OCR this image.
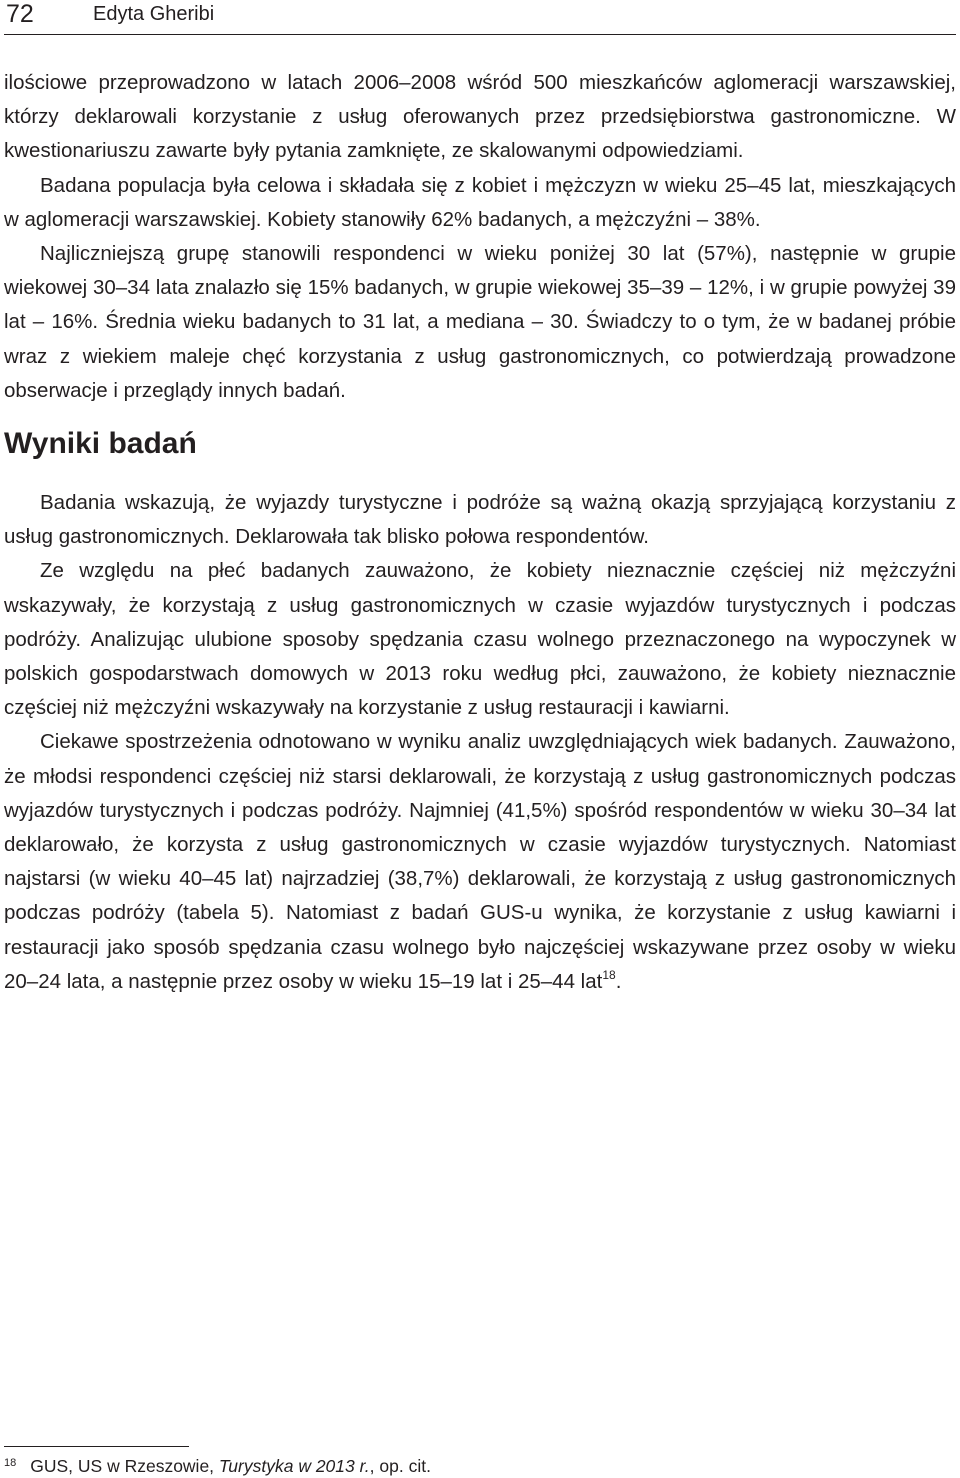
72	Edyta Gheribi

ilościowe przeprowadzono w latach 2006–2008 wśród 500 mieszkańców aglomeracji warszawskiej, którzy deklarowali korzystanie z usług oferowanych przez przedsiębiorstwa gastronomiczne. W kwestionariuszu zawarte były pytania zamknięte, ze skalowanymi odpowiedziami.

Badana populacja była celowa i składała się z kobiet i mężczyzn w wieku 25–45 lat, mieszkających w aglomeracji warszawskiej. Kobiety stanowiły 62% badanych, a mężczyźni – 38%.

Najliczniejszą grupę stanowili respondenci w wieku poniżej 30 lat (57%), następnie w grupie wiekowej 30–34 lata znalazło się 15% badanych, w grupie wiekowej 35–39 – 12%, i w grupie powyżej 39 lat – 16%. Średnia wieku badanych to 31 lat, a mediana – 30. Świadczy to o tym, że w badanej próbie wraz z wiekiem maleje chęć korzystania z usług gastronomicznych, co potwierdzają prowadzone obserwacje i przeglądy innych badań.

Wyniki badań

Badania wskazują, że wyjazdy turystyczne i podróże są ważną okazją sprzyjającą korzystaniu z usług gastronomicznych. Deklarowała tak blisko połowa respondentów.

Ze względu na płeć badanych zauważono, że kobiety nieznacznie częściej niż mężczyźni wskazywały, że korzystają z usług gastronomicznych w czasie wyjazdów turystycznych i podczas podróży. Analizując ulubione sposoby spędzania czasu wolnego przeznaczonego na wypoczynek w polskich gospodarstwach domowych w 2013 roku według płci, zauważono, że kobiety nieznacznie częściej niż mężczyźni wskazywały na korzystanie z usług restauracji i kawiarni.

Ciekawe spostrzeżenia odnotowano w wyniku analiz uwzględniających wiek badanych. Zauważono, że młodsi respondenci częściej niż starsi deklarowali, że korzystają z usług gastronomicznych podczas wyjazdów turystycznych i podczas podróży. Najmniej (41,5%) spośród respondentów w wieku 30–34 lat deklarowało, że korzysta z usług gastronomicznych w czasie wyjazdów turystycznych. Natomiast najstarsi (w wieku 40–45 lat) najrzadziej (38,7%) deklarowali, że korzystają z usług gastronomicznych podczas podróży (tabela 5). Natomiast z badań GUS-u wynika, że korzystanie z usług kawiarni i restauracji jako sposób spędzania czasu wolnego było najczęściej wskazywane przez osoby w wieku 20–24 lata, a następnie przez osoby w wieku 15–19 lat i 25–44 lat$^{18}$.

$^{18}$ GUS, US w Rzeszowie, Turystyka w 2013 r., op. cit.
